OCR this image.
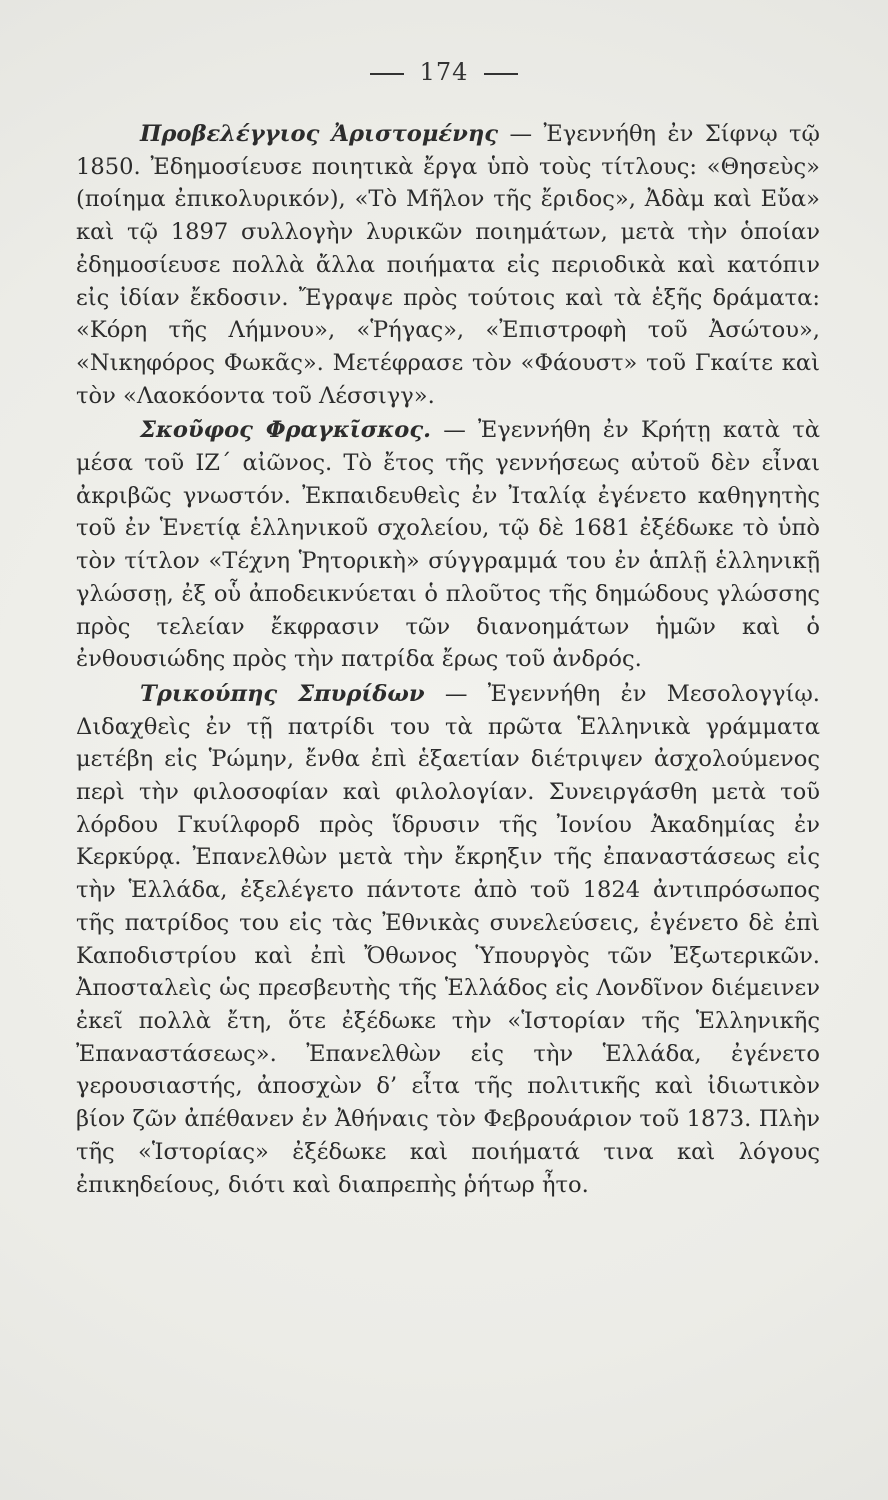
174

Προβελέγγιος Ἀριστομένης — Ἐγεννήθη ἐν Σίφνῳ τῷ 1850. Ἐδημοσίευσε ποιητικὰ ἔργα ὑπὸ τοὺς τίτλους: «Θησεὺς» (ποίημα ἐπικολυρικόν), «Τὸ Μῆλον τῆς ἔριδος», Ἀδὰμ καὶ Εὔα» καὶ τῷ 1897 συλλογὴν λυρικῶν ποιημάτων, μετὰ τὴν ὁποίαν ἐδημοσίευσε πολλὰ ἄλλα ποιήματα εἰς περιοδικὰ καὶ κατόπιν εἰς ἰδίαν ἔκδοσιν. Ἔγραψε πρὸς τούτοις καὶ τὰ ἑξῆς δράματα: «Κόρη τῆς Λήμνου», «Ῥήγας», «Ἐπιστροφὴ τοῦ Ἀσώτου», «Νικηφόρος Φωκᾶς». Μετέφρασε τὸν «Φάουστ» τοῦ Γκαίτε καὶ τὸν «Λαοκόοντα τοῦ Λέσσιγγ».

Σκοῦφος Φραγκῖσκος. — Ἐγεννήθη ἐν Κρήτῃ κατὰ τὰ μέσα τοῦ ΙΖ΄ αἰῶνος. Τὸ ἔτος τῆς γεννήσεως αὐτοῦ δὲν εἶναι ἀκριβῶς γνωστόν. Ἐκπαιδευθεὶς ἐν Ἰταλίᾳ ἐγένετο καθηγητὴς τοῦ ἐν Ἑνετίᾳ ἑλληνικοῦ σχολείου, τῷ δὲ 1681 ἐξέδωκε τὸ ὑπὸ τὸν τίτλον «Τέχνη Ῥητορικὴ» σύγγραμμά του ἐν ἁπλῇ ἑλληνικῇ γλώσσῃ, ἐξ οὗ ἀποδεικνύεται ὁ πλοῦτος τῆς δημώδους γλώσσης πρὸς τελείαν ἔκφρασιν τῶν διανοημάτων ἡμῶν καὶ ὁ ἐνθουσιώδης πρὸς τὴν πατρίδα ἔρως τοῦ ἀνδρός.

Τρικούπης Σπυρίδων — Ἐγεννήθη ἐν Μεσολογγίῳ. Διδαχθεὶς ἐν τῇ πατρίδι του τὰ πρῶτα Ἑλληνικὰ γράμματα μετέβη εἰς Ῥώμην, ἔνθα ἐπὶ ἑξαετίαν διέτριψεν ἀσχολούμενος περὶ τὴν φιλοσοφίαν καὶ φιλολογίαν. Συνειργάσθη μετὰ τοῦ λόρδου Γκυίλφορδ πρὸς ἵδρυσιν τῆς Ἰονίου Ἀκαδημίας ἐν Κερκύρᾳ. Ἐπανελθὼν μετὰ τὴν ἔκρηξιν τῆς ἐπαναστάσεως εἰς τὴν Ἑλλάδα, ἐξελέγετο πάντοτε ἀπὸ τοῦ 1824 ἀντιπρόσωπος τῆς πατρίδος του εἰς τὰς Ἐθνικὰς συνελεύσεις, ἐγένετο δὲ ἐπὶ Καποδιστρίου καὶ ἐπὶ Ὄθωνος Ὑπουργὸς τῶν Ἐξωτερικῶν. Ἀποσταλεὶς ὡς πρεσβευτὴς τῆς Ἑλλάδος εἰς Λονδῖνον διέμεινεν ἐκεῖ πολλὰ ἔτη, ὅτε ἐξέδωκε τὴν «Ἱστορίαν τῆς Ἑλληνικῆς Ἐπαναστάσεως». Ἐπανελθὼν εἰς τὴν Ἑλλάδα, ἐγένετο γερουσιαστής, ἀποσχὼν δ’ εἶτα τῆς πολιτικῆς καὶ ἰδιωτικὸν βίον ζῶν ἀπέθανεν ἐν Ἀθήναις τὸν Φεβρουάριον τοῦ 1873. Πλὴν τῆς «Ἱστορίας» ἐξέδωκε καὶ ποιήματά τινα καὶ λόγους ἐπικηδείους, διότι καὶ διαπρεπὴς ῥήτωρ ἦτο.
